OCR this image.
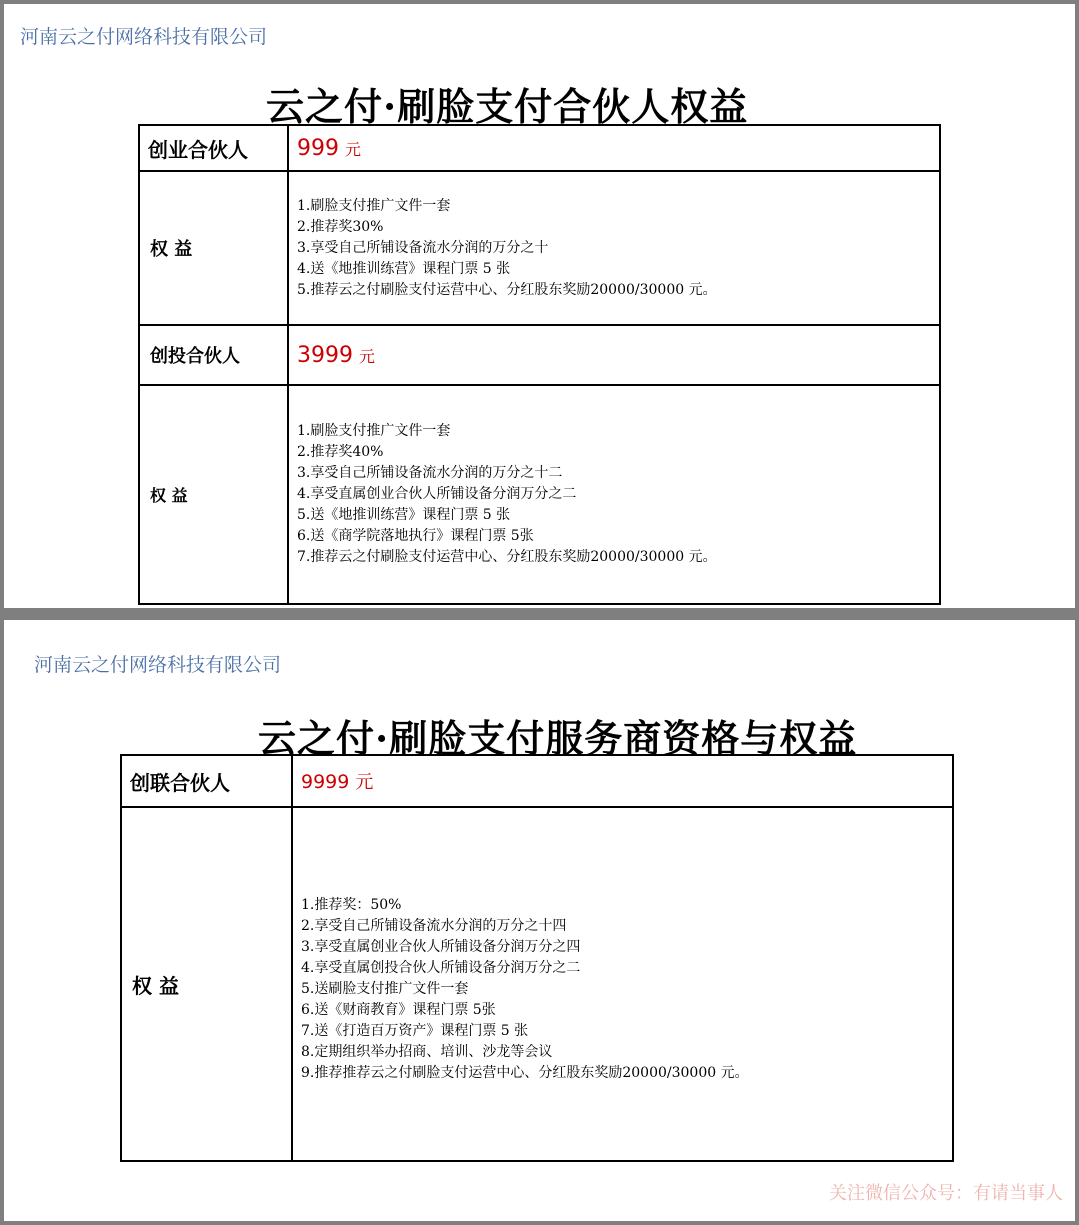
河南云之付网络科技有限公司
云之付·刷脸支付合伙人权益
创业合伙人	999 元
权 益
1.刷脸支付推广文件一套
2.推荐奖30%
3.享受自己所铺设备流水分润的万分之十
4.送《地推训练营》课程门票 5 张
5.推荐云之付刷脸支付运营中心、分红股东奖励20000/30000 元。
创投合伙人	3999 元
权 益
1.刷脸支付推广文件一套
2.推荐奖40%
3.享受自己所铺设备流水分润的万分之十二
4.享受直属创业合伙人所铺设备分润万分之二
5.送《地推训练营》课程门票 5 张
6.送《商学院落地执行》课程门票 5张
7.推荐云之付刷脸支付运营中心、分红股东奖励20000/30000 元。
河南云之付网络科技有限公司
云之付·刷脸支付服务商资格与权益
创联合伙人	9999 元
权 益
1.推荐奖：50%
2.享受自己所铺设备流水分润的万分之十四
3.享受直属创业合伙人所铺设备分润万分之四
4.享受直属创投合伙人所铺设备分润万分之二
5.送刷脸支付推广文件一套
6.送《财商教育》课程门票 5张
7.送《打造百万资产》课程门票 5 张
8.定期组织举办招商、培训、沙龙等会议
9.推荐推荐云之付刷脸支付运营中心、分红股东奖励20000/30000 元。
关注微信公众号：有请当事人
